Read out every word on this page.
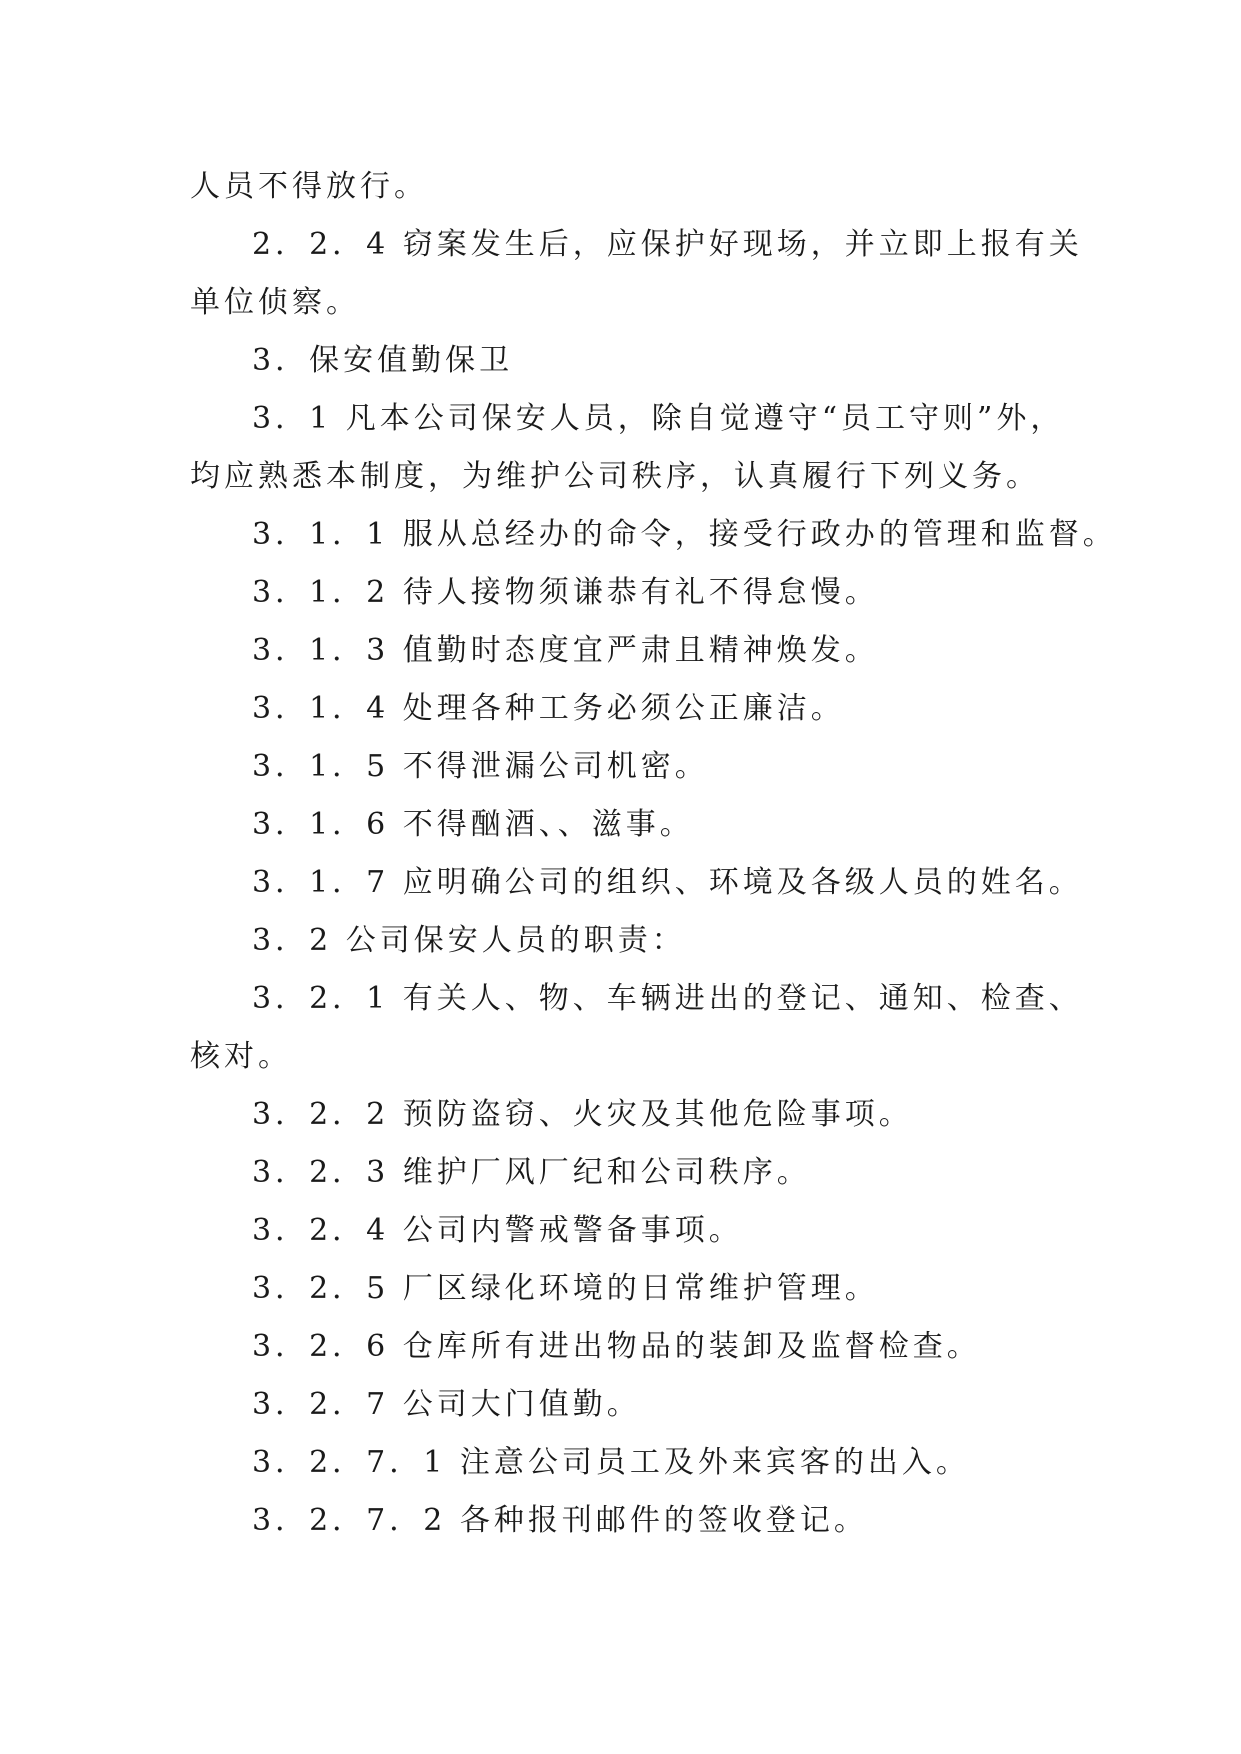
人员不得放行。
2．2．4 窃案发生后，应保护好现场，并立即上报有关
单位侦察。
3．保安值勤保卫
3．1 凡本公司保安人员，除自觉遵守“员工守则”外，
均应熟悉本制度，为维护公司秩序，认真履行下列义务。
3．1．1 服从总经办的命令，接受行政办的管理和监督。
3．1．2 待人接物须谦恭有礼不得怠慢。
3．1．3 值勤时态度宜严肃且精神焕发。
3．1．4 处理各种工务必须公正廉洁。
3．1．5 不得泄漏公司机密。
3．1．6 不得酗酒、、滋事。
3．1．7 应明确公司的组织、环境及各级人员的姓名。
3．2 公司保安人员的职责：
3．2．1 有关人、物、车辆进出的登记、通知、检查、
核对。
3．2．2 预防盗窃、火灾及其他危险事项。
3．2．3 维护厂风厂纪和公司秩序。
3．2．4 公司内警戒警备事项。
3．2．5 厂区绿化环境的日常维护管理。
3．2．6 仓库所有进出物品的装卸及监督检查。
3．2．7 公司大门值勤。
3．2．7．1 注意公司员工及外来宾客的出入。
3．2．7．2 各种报刊邮件的签收登记。
